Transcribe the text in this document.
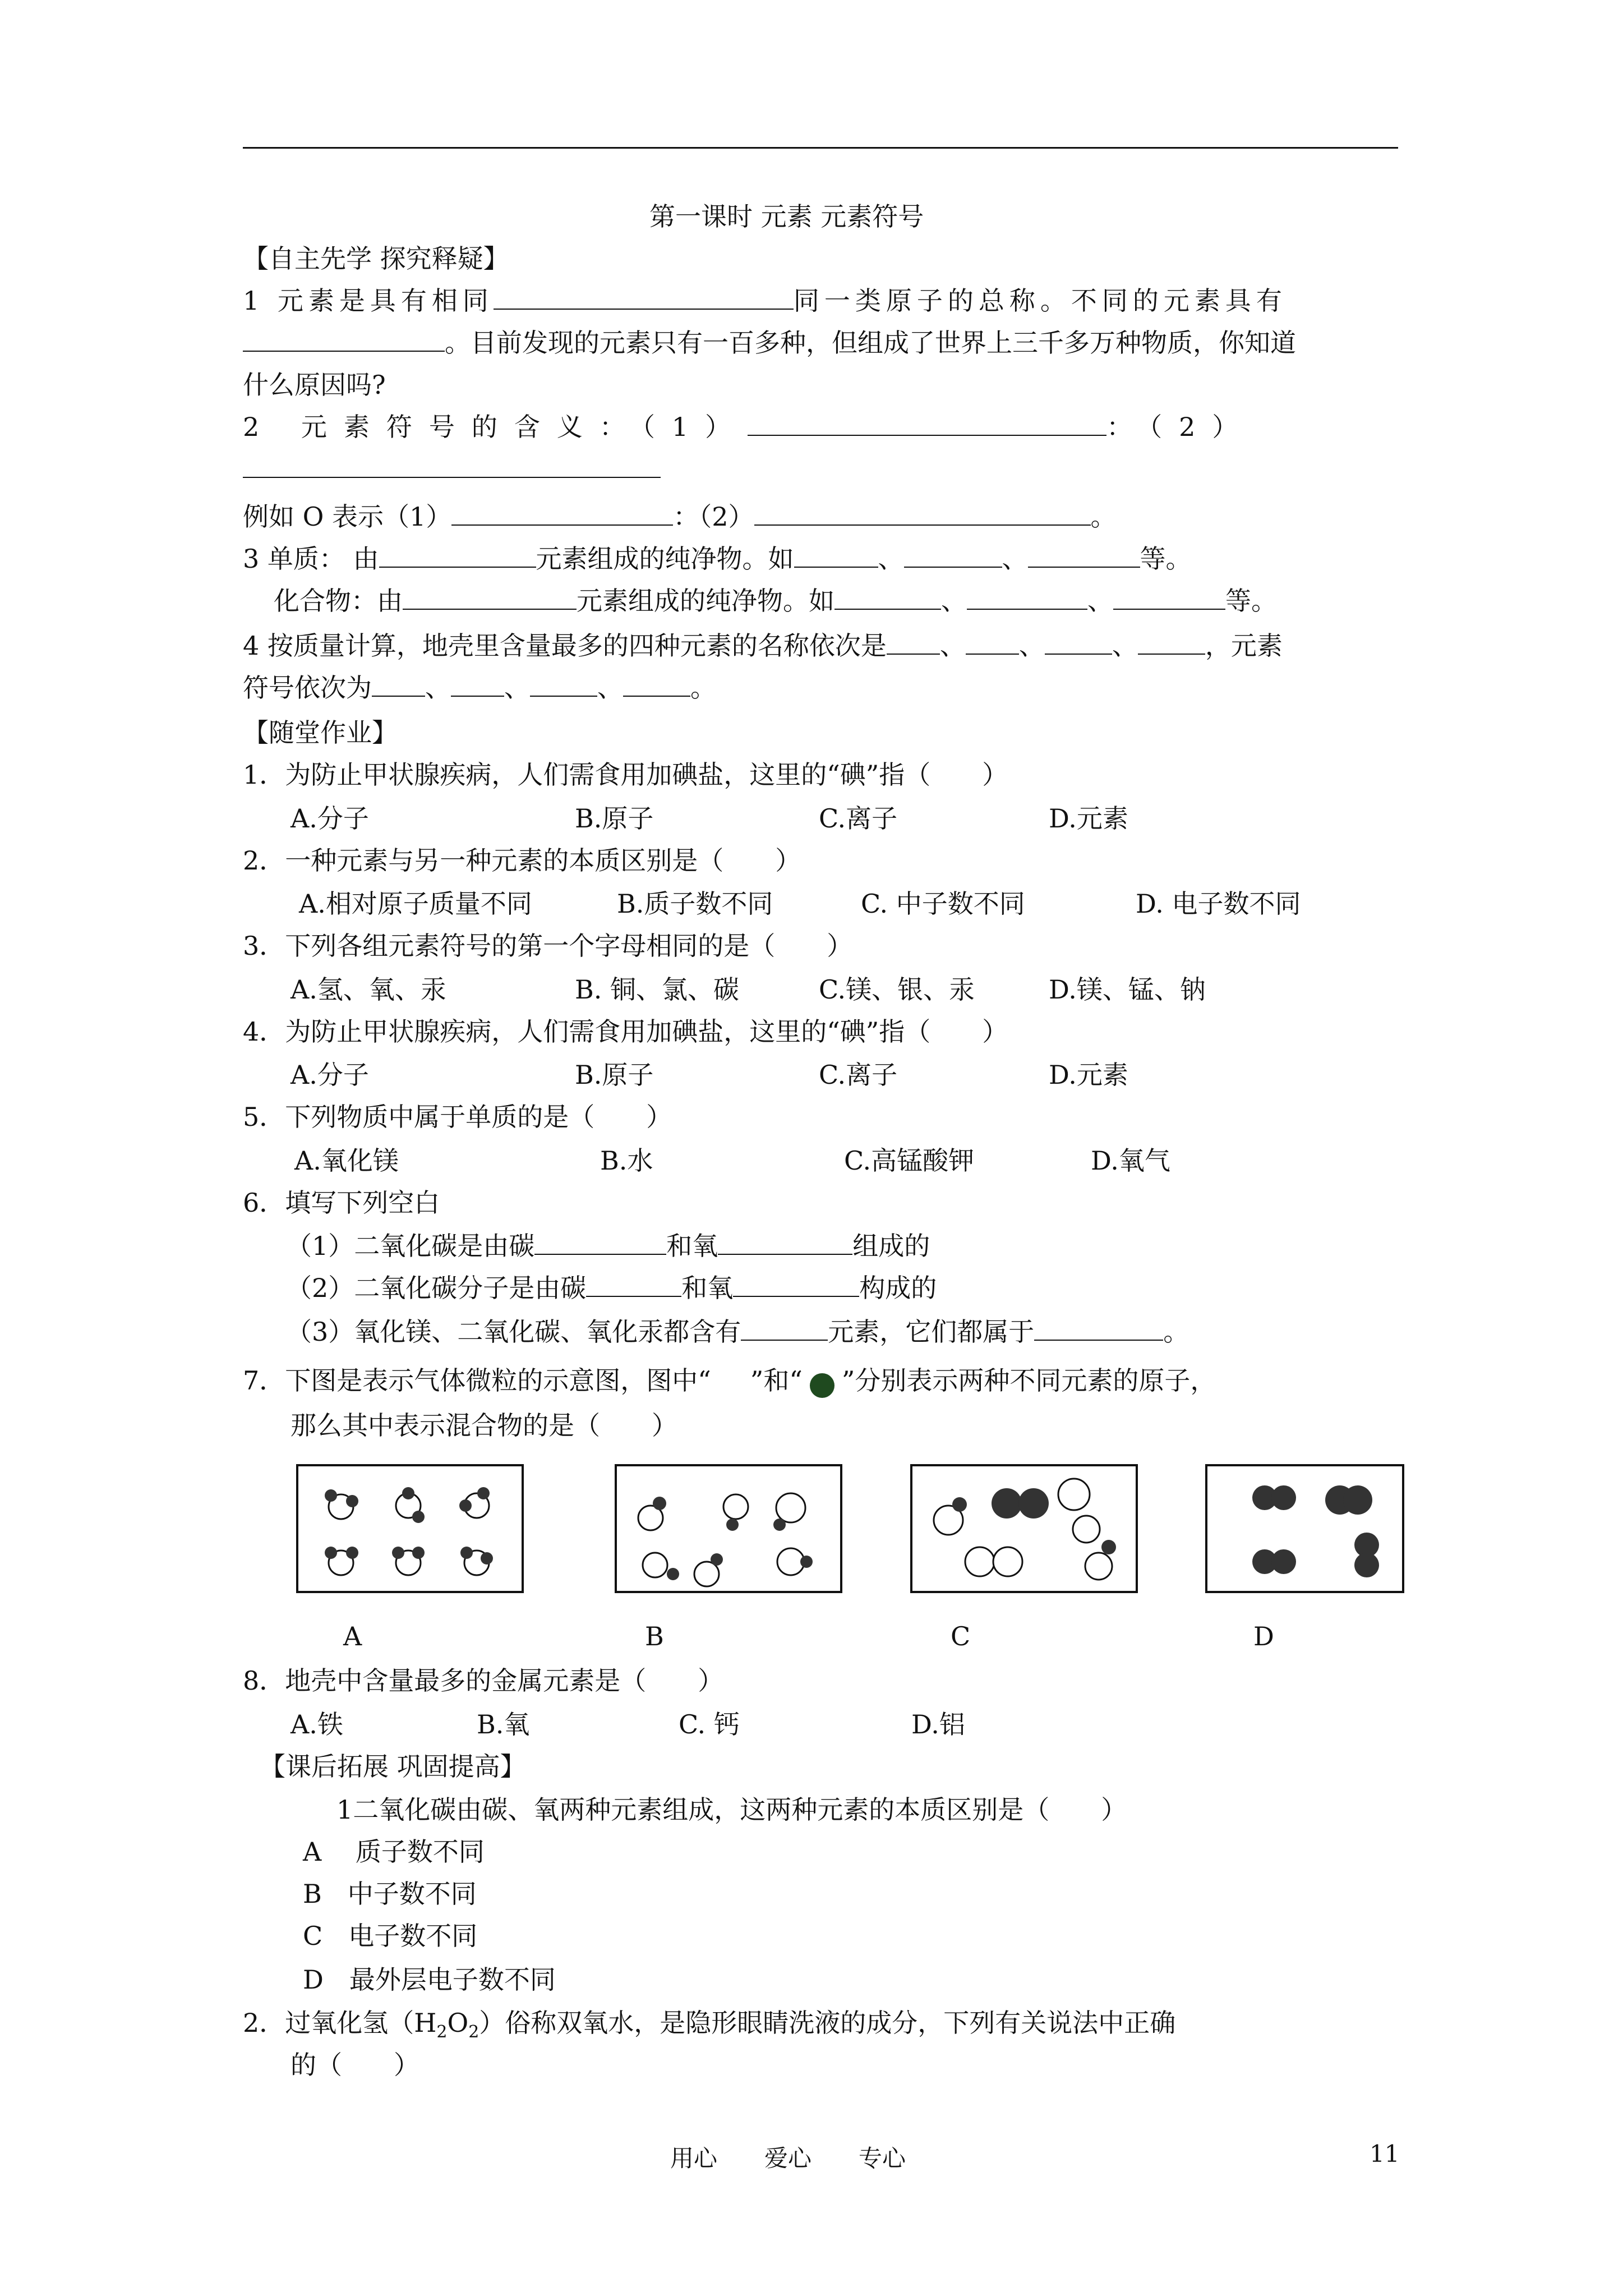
第一课时 元素 元素符号
【自主先学 探究释疑】
1 元素是具有相同	同一类原子的总称。不同的元素具有
。目前发现的元素只有一百多种，但组成了世界上三千多万种物质，你知道
什么原因吗?
2 元素符号的含义：（1）	：（2）
例如 O 表示（1）	：（2）	。
3 单质： 由	元素组成的纯净物。如	、	、	等。
化合物：由	元素组成的纯净物。如	、	、	等。
4 按质量计算，地壳里含量最多的四种元素的名称依次是 、 、	、	，元素
符号依次为 、 、	、	。
【随堂作业】
1．为防止甲状腺疾病，人们需食用加碘盐，这里的“碘”指（　　）
A.分子	B.原子	C.离子	D.元素
2．一种元素与另一种元素的本质区别是（　　）
A.相对原子质量不同	B.质子数不同	C. 中子数不同	D. 电子数不同
3．下列各组元素符号的第一个字母相同的是（　　）
A.氢、氧、汞	B. 铜、氯、碳	C.镁、银、汞	D.镁、锰、钠
4．为防止甲状腺疾病，人们需食用加碘盐，这里的“碘”指（　　）
A.分子	B.原子	C.离子	D.元素
5．下列物质中属于单质的是（　　）
A.氧化镁	B.水	C.高锰酸钾	D.氧气
6．填写下列空白
（1）二氧化碳是由碳	和氧	组成的
（2）二氧化碳分子是由碳	和氧	构成的
（3）氧化镁、二氧化碳、氧化汞都含有	元素，它们都属于	。
7．下图是表示气体微粒的示意图，图中“ ”和“ ”分别表示两种不同元素的原子，
那么其中表示混合物的是（　　）
A	B	C	D
8．地壳中含量最多的金属元素是（　　）
A.铁	B.氧	C. 钙	D.铝
【课后拓展 巩固提高】
1二氧化碳由碳、氧两种元素组成，这两种元素的本质区别是（　　）
A　 质子数不同
B　中子数不同
C　电子数不同
D　最外层电子数不同
2．过氧化氢$(H_2O_2)$俗称双氧水，是隐形眼睛洗液的成分，下列有关说法中正确
的（　　）
用心　　爱心　　专心	11
